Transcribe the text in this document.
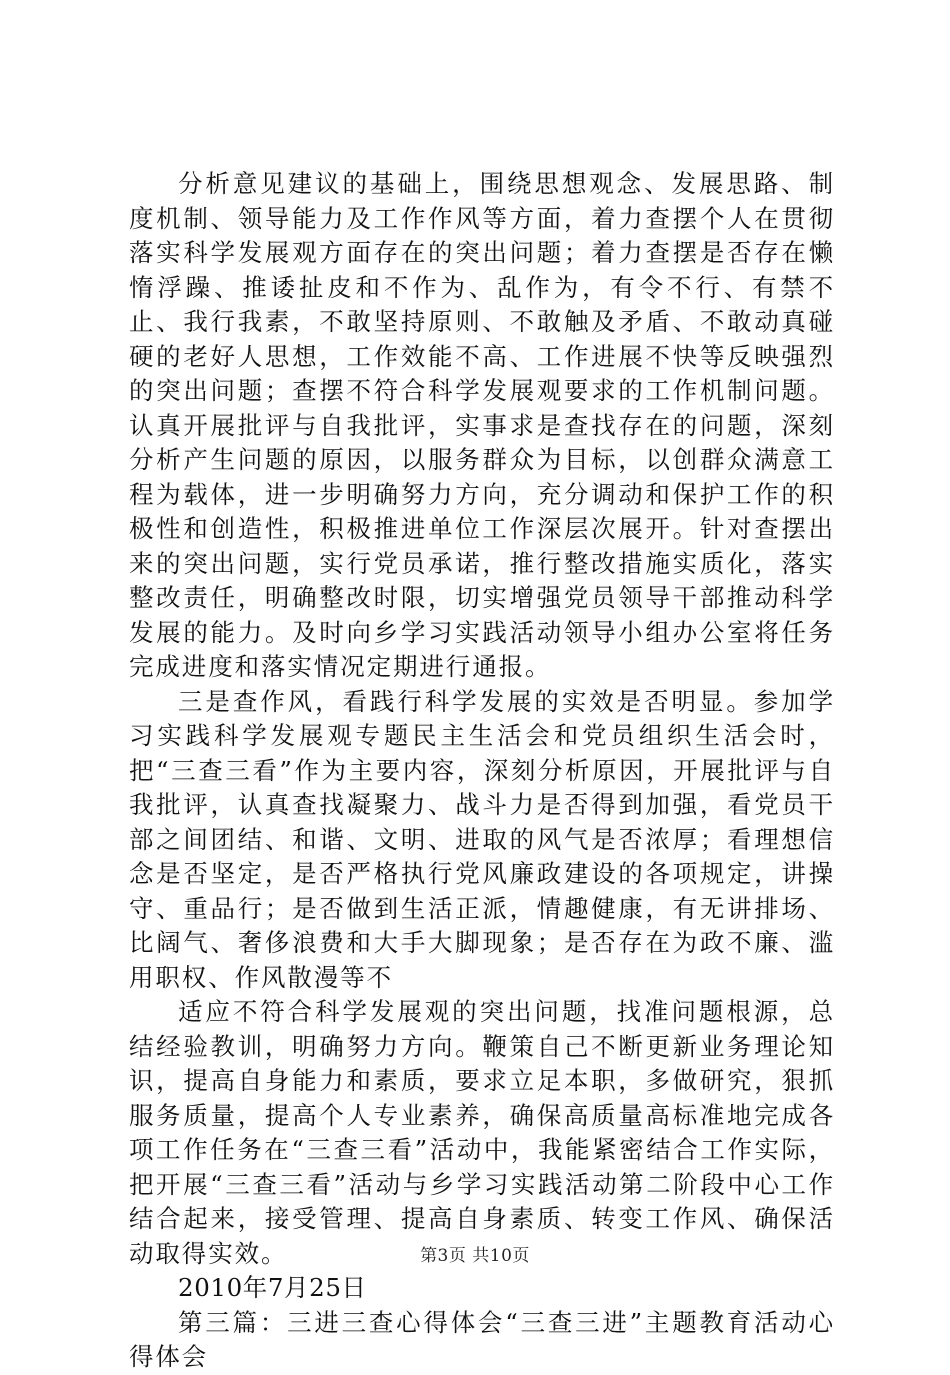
分析意见建议的基础上，围绕思想观念、发展思路、制度机制、领导能力及工作作风等方面，着力查摆个人在贯彻落实科学发展观方面存在的突出问题；着力查摆是否存在懒惰浮躁、推诿扯皮和不作为、乱作为，有令不行、有禁不止、我行我素，不敢坚持原则、不敢触及矛盾、不敢动真碰硬的老好人思想，工作效能不高、工作进展不快等反映强烈的突出问题；查摆不符合科学发展观要求的工作机制问题。认真开展批评与自我批评，实事求是查找存在的问题，深刻分析产生问题的原因，以服务群众为目标，以创群众满意工程为载体，进一步明确努力方向，充分调动和保护工作的积极性和创造性，积极推进单位工作深层次展开。针对查摆出来的突出问题，实行党员承诺，推行整改措施实质化，落实整改责任，明确整改时限，切实增强党员领导干部推动科学发展的能力。及时向乡学习实践活动领导小组办公室将任务完成进度和落实情况定期进行通报。

三是查作风，看践行科学发展的实效是否明显。参加学习实践科学发展观专题民主生活会和党员组织生活会时，把“三查三看”作为主要内容，深刻分析原因，开展批评与自我批评，认真查找凝聚力、战斗力是否得到加强，看党员干部之间团结、和谐、文明、进取的风气是否浓厚；看理想信念是否坚定，是否严格执行党风廉政建设的各项规定，讲操守、重品行；是否做到生活正派，情趣健康，有无讲排场、比阔气、奢侈浪费和大手大脚现象；是否存在为政不廉、滥用职权、作风散漫等不

适应不符合科学发展观的突出问题，找准问题根源，总结经验教训，明确努力方向。鞭策自己不断更新业务理论知识，提高自身能力和素质，要求立足本职，多做研究，狠抓服务质量，提高个人专业素养，确保高质量高标准地完成各项工作任务在“三查三看”活动中，我能紧密结合工作实际，把开展“三查三看”活动与乡学习实践活动第二阶段中心工作结合起来，接受管理、提高自身素质、转变工作风、确保活动取得实效。

2010年7月25日

第三篇：三进三查心得体会“三查三进”主题教育活动心得体会

第3页 共10页
